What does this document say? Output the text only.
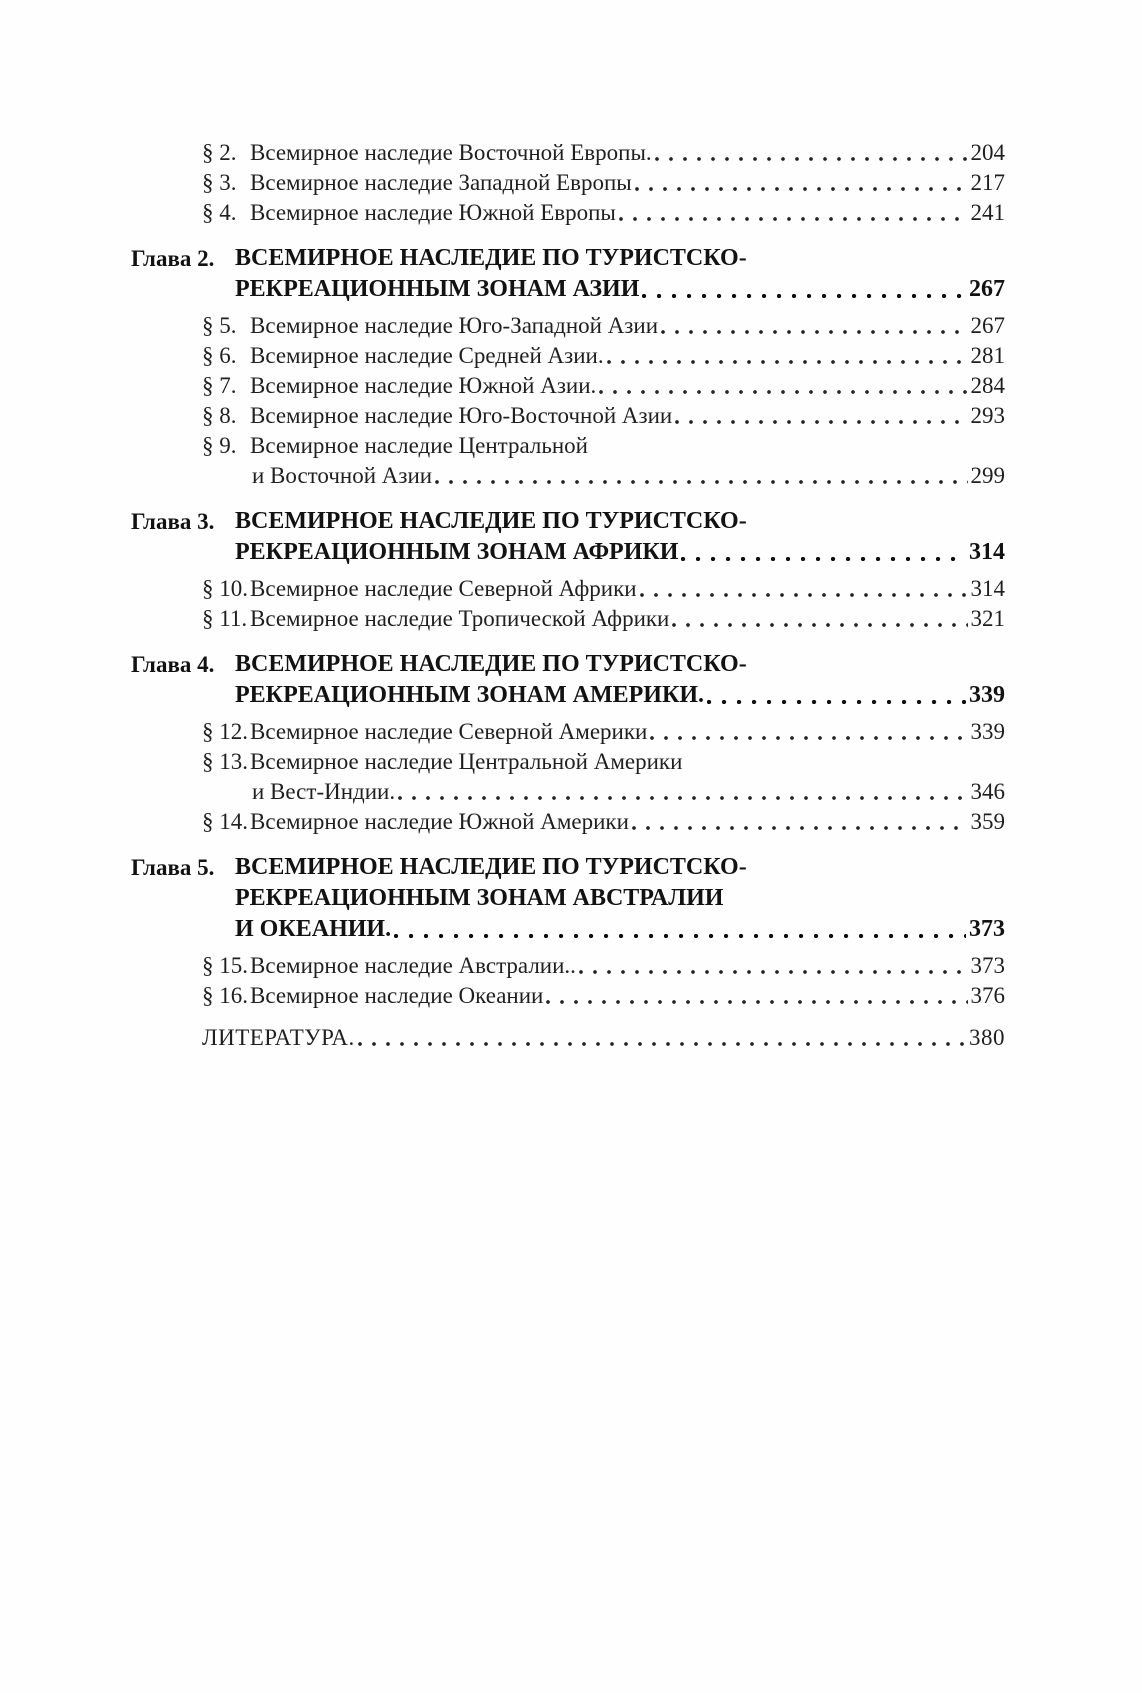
§ 2. Всемирное наследие Восточной Европы.	204
§ 3. Всемирное наследие Западной Европы	217
§ 4. Всемирное наследие Южной Европы	241
Глава 2. ВСЕМИРНОЕ НАСЛЕДИЕ ПО ТУРИСТСКО-
РЕКРЕАЦИОННЫМ ЗОНАМ АЗИИ	267
§ 5. Всемирное наследие Юго-Западной Азии	267
§ 6. Всемирное наследие Средней Азии.	281
§ 7. Всемирное наследие Южной Азии.	284
§ 8. Всемирное наследие Юго-Восточной Азии	293
§ 9. Всемирное наследие Центральной
и Восточной Азии	299
Глава 3. ВСЕМИРНОЕ НАСЛЕДИЕ ПО ТУРИСТСКО-
РЕКРЕАЦИОННЫМ ЗОНАМ АФРИКИ	314
§ 10. Всемирное наследие Северной Африки	314
§ 11. Всемирное наследие Тропической Африки	321
Глава 4. ВСЕМИРНОЕ НАСЛЕДИЕ ПО ТУРИСТСКО-
РЕКРЕАЦИОННЫМ ЗОНАМ АМЕРИКИ.	339
§ 12. Всемирное наследие Северной Америки	339
§ 13. Всемирное наследие Центральной Америки
и Вест-Индии.	346
§ 14. Всемирное наследие Южной Америки	359
Глава 5. ВСЕМИРНОЕ НАСЛЕДИЕ ПО ТУРИСТСКО-
РЕКРЕАЦИОННЫМ ЗОНАМ АВСТРАЛИИ
И ОКЕАНИИ.	373
§ 15. Всемирное наследие Австралии..	373
§ 16. Всемирное наследие Океании	376
ЛИТЕРАТУРА.	380
